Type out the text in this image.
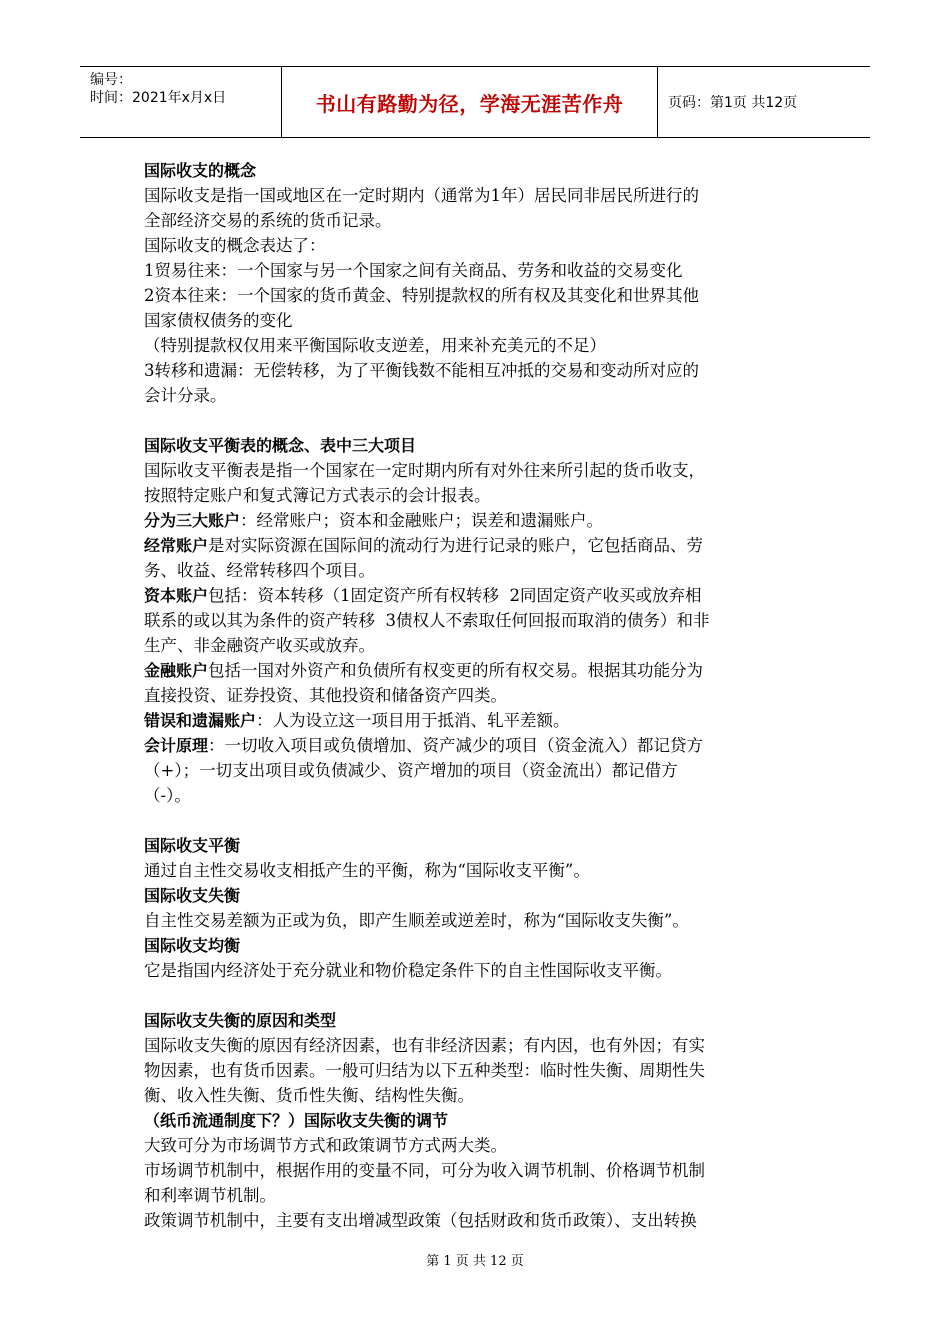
编号：
时间：2021年x月x日	书山有路勤为径，学海无涯苦作舟	页码：第1页 共12页

国际收支的概念

国际收支是指一国或地区在一定时期内（通常为1年）居民同非居民所进行的

全部经济交易的系统的货币记录。

国际收支的概念表达了：

1贸易往来：一个国家与另一个国家之间有关商品、劳务和收益的交易变化

2资本往来：一个国家的货币黄金、特别提款权的所有权及其变化和世界其他

国家债权债务的变化

（特别提款权仅用来平衡国际收支逆差，用来补充美元的不足）

3转移和遗漏：无偿转移，为了平衡钱数不能相互冲抵的交易和变动所对应的

会计分录。

国际收支平衡表的概念、表中三大项目

国际收支平衡表是指一个国家在一定时期内所有对外往来所引起的货币收支，

按照特定账户和复式簿记方式表示的会计报表。

分为三大账户：经常账户；资本和金融账户；误差和遗漏账户。

经常账户是对实际资源在国际间的流动行为进行记录的账户，它包括商品、劳

务、收益、经常转移四个项目。

资本账户包括：资本转移（1固定资产所有权转移  2同固定资产收买或放弃相

联系的或以其为条件的资产转移  3债权人不索取任何回报而取消的债务）和非

生产、非金融资产收买或放弃。

金融账户包括一国对外资产和负债所有权变更的所有权交易。根据其功能分为

直接投资、证券投资、其他投资和储备资产四类。

错误和遗漏账户：人为设立这一项目用于抵消、轧平差额。

会计原理：一切收入项目或负债增加、资产减少的项目（资金流入）都记贷方

（+）；一切支出项目或负债减少、资产增加的项目（资金流出）都记借方

（-）。

国际收支平衡

通过自主性交易收支相抵产生的平衡，称为“国际收支平衡”。

国际收支失衡

自主性交易差额为正或为负，即产生顺差或逆差时，称为“国际收支失衡”。

国际收支均衡

它是指国内经济处于充分就业和物价稳定条件下的自主性国际收支平衡。

国际收支失衡的原因和类型

国际收支失衡的原因有经济因素，也有非经济因素；有内因，也有外因；有实

物因素，也有货币因素。一般可归结为以下五种类型：临时性失衡、周期性失

衡、收入性失衡、货币性失衡、结构性失衡。

（纸币流通制度下？）国际收支失衡的调节

大致可分为市场调节方式和政策调节方式两大类。

市场调节机制中，根据作用的变量不同，可分为收入调节机制、价格调节机制

和利率调节机制。

政策调节机制中，主要有支出增减型政策（包括财政和货币政策）、支出转换

第 1 页 共 12 页
